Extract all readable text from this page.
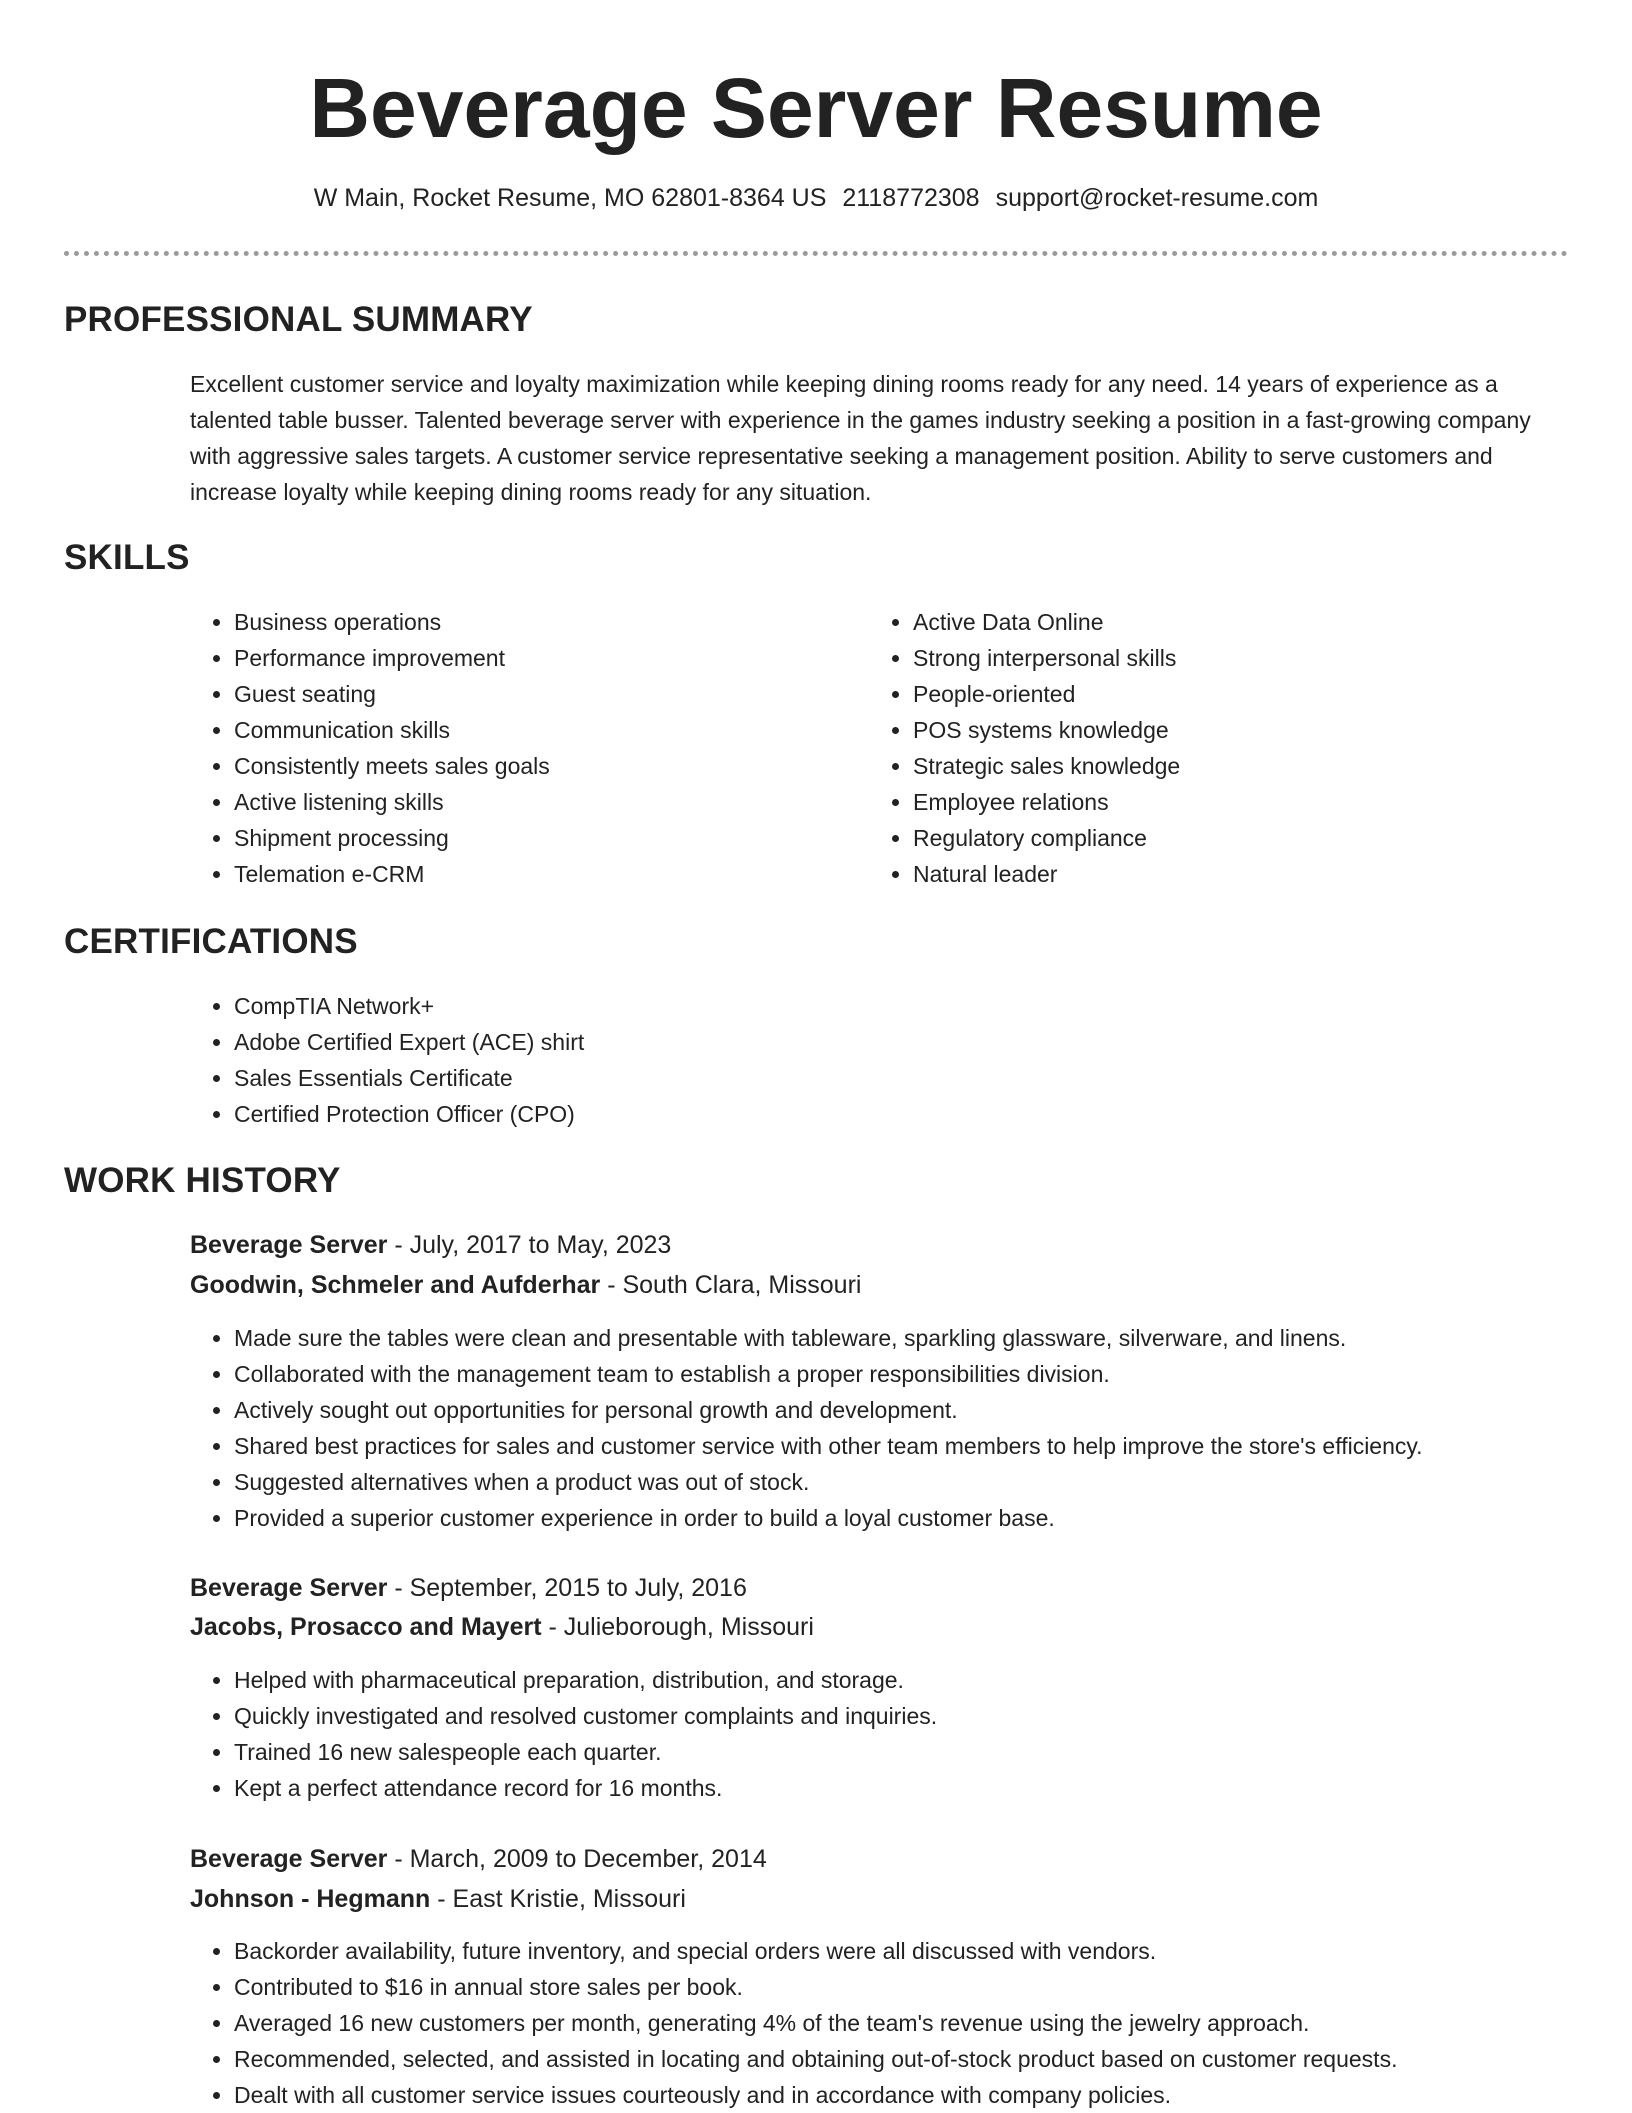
Beverage Server Resume
W Main, Rocket Resume, MO 62801-8364 US 2118772308 support@rocket-resume.com
PROFESSIONAL SUMMARY

Excellent customer service and loyalty maximization while keeping dining rooms ready for any need. 14 years of experience as a talented table busser. Talented beverage server with experience in the games industry seeking a position in a fast-growing company with aggressive sales targets. A customer service representative seeking a management position. Ability to serve customers and increase loyalty while keeping dining rooms ready for any situation.

SKILLS
• Business operations
• Performance improvement
• Guest seating
• Communication skills
• Consistently meets sales goals
• Active listening skills
• Shipment processing
• Telemation e-CRM
• Active Data Online
• Strong interpersonal skills
• People-oriented
• POS systems knowledge
• Strategic sales knowledge
• Employee relations
• Regulatory compliance
• Natural leader
CERTIFICATIONS
• CompTIA Network+
• Adobe Certified Expert (ACE) shirt
• Sales Essentials Certificate
• Certified Protection Officer (CPO)
WORK HISTORY
Beverage Server - July, 2017 to May, 2023
Goodwin, Schmeler and Aufderhar - South Clara, Missouri
• Made sure the tables were clean and presentable with tableware, sparkling glassware, silverware, and linens.
• Collaborated with the management team to establish a proper responsibilities division.
• Actively sought out opportunities for personal growth and development.
• Shared best practices for sales and customer service with other team members to help improve the store's efficiency.
• Suggested alternatives when a product was out of stock.
• Provided a superior customer experience in order to build a loyal customer base.
Beverage Server - September, 2015 to July, 2016
Jacobs, Prosacco and Mayert - Julieborough, Missouri
• Helped with pharmaceutical preparation, distribution, and storage.
• Quickly investigated and resolved customer complaints and inquiries.
• Trained 16 new salespeople each quarter.
• Kept a perfect attendance record for 16 months.
Beverage Server - March, 2009 to December, 2014
Johnson - Hegmann - East Kristie, Missouri
• Backorder availability, future inventory, and special orders were all discussed with vendors.
• Contributed to $16 in annual store sales per book.
• Averaged 16 new customers per month, generating 4% of the team's revenue using the jewelry approach.
• Recommended, selected, and assisted in locating and obtaining out-of-stock product based on customer requests.
• Dealt with all customer service issues courteously and in accordance with company policies.
